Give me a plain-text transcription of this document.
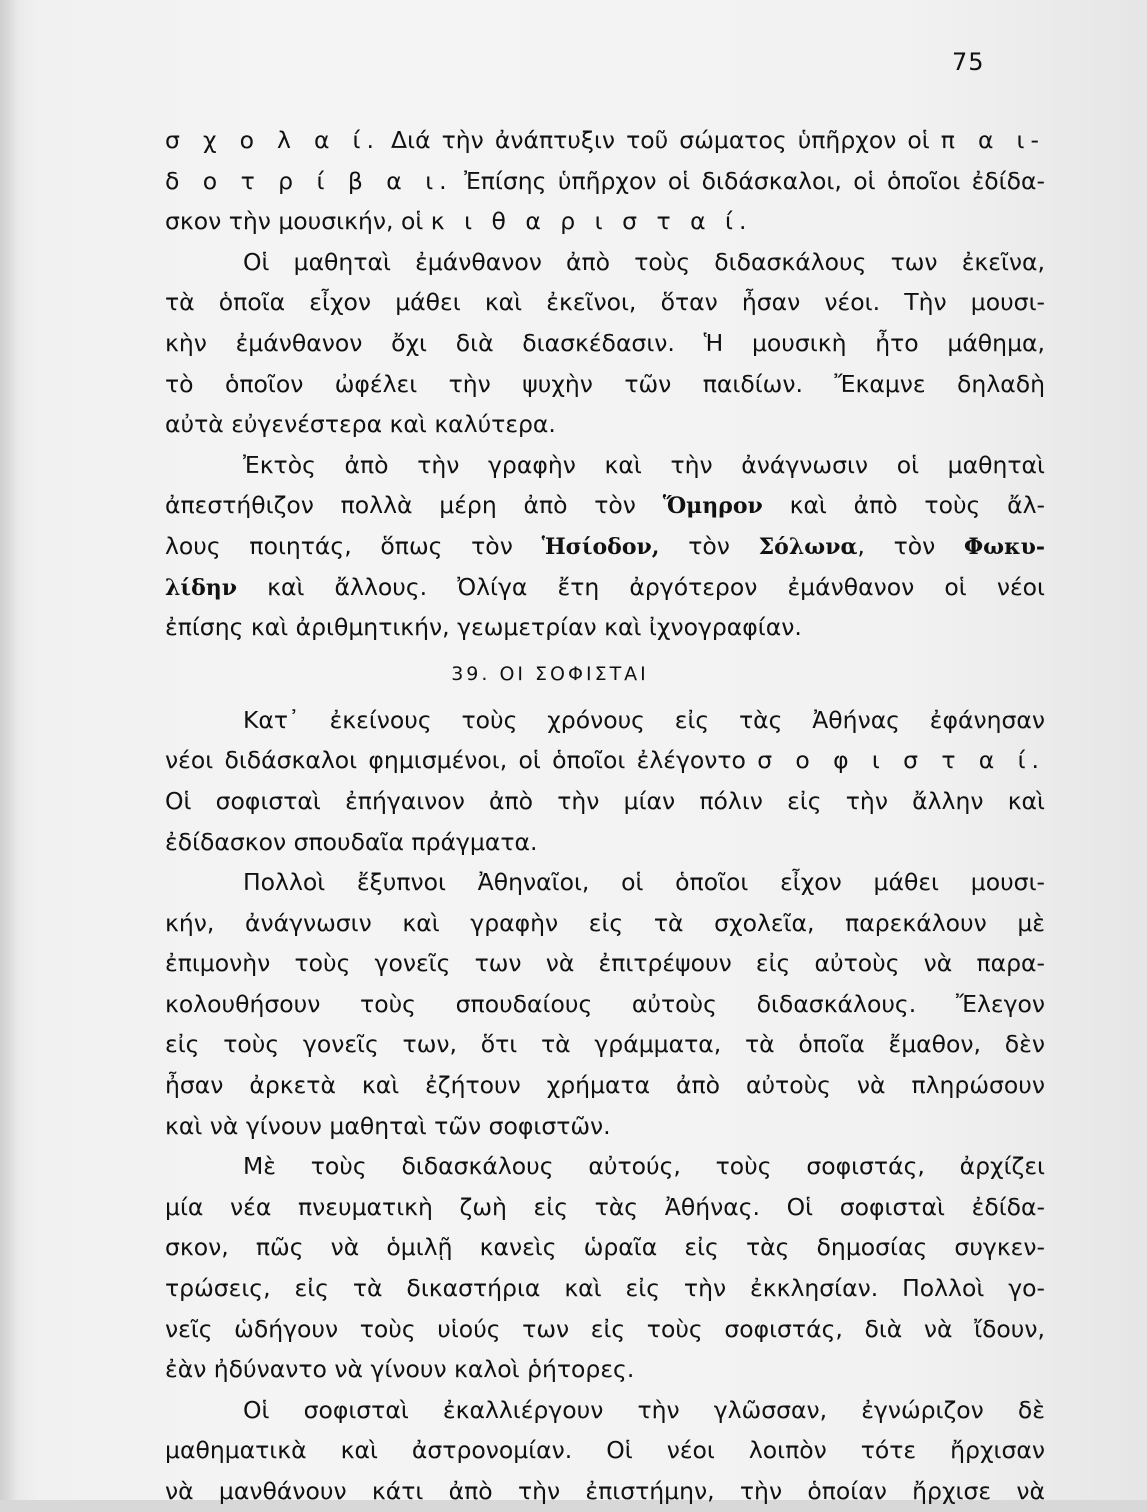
75
σ χ ο λ α ί. Διά τὴν ἀνάπτυξιν τοῦ σώματος ὑπῆρχον οἱ π α ι-
δ ο τ ρ ί β α ι. Ἐπίσης ὑπῆρχον οἱ διδάσκαλοι, οἱ ὁποῖοι ἐδίδα-
σκον τὴν μουσικήν, οἱ κ ι θ α ρ ι σ τ α ί.
Οἱ μαθηταὶ ἐμάνθανον ἀπὸ τοὺς διδασκάλους των ἐκεῖνα,
τὰ ὁποῖα εἶχον μάθει καὶ ἐκεῖνοι, ὅταν ἦσαν νέοι. Τὴν μουσι-
κὴν ἐμάνθανον ὄχι διὰ διασκέδασιν. Ἡ μουσικὴ ἦτο μάθημα,
τὸ ὁποῖον ὠφέλει τὴν ψυχὴν τῶν παιδίων. Ἔκαμνε δηλαδὴ
αὐτὰ εὐγενέστερα καὶ καλύτερα.
Ἐκτὸς ἀπὸ τὴν γραφὴν καὶ τὴν ἀνάγνωσιν οἱ μαθηταὶ
ἀπεστήθιζον πολλὰ μέρη ἀπὸ τὸν Ὅμηρον καὶ ἀπὸ τοὺς ἄλ-
λους ποιητάς, ὅπως τὸν Ἡσίοδον, τὸν Σόλωνα, τὸν Φωκυ-
λίδην καὶ ἄλλους. Ὀλίγα ἔτη ἀργότερον ἐμάνθανον οἱ νέοι
ἐπίσης καὶ ἀριθμητικήν, γεωμετρίαν καὶ ἰχνογραφίαν.
39. ΟΙ ΣΟΦΙΣΤΑΙ
Κατ᾽ ἐκείνους τοὺς χρόνους εἰς τὰς Ἀθήνας ἐφάνησαν
νέοι διδάσκαλοι φημισμένοι, οἱ ὁποῖοι ἐλέγοντο σ ο φ ι σ τ α ί.
Οἱ σοφισταὶ ἐπήγαινον ἀπὸ τὴν μίαν πόλιν εἰς τὴν ἄλλην καὶ
ἐδίδασκον σπουδαῖα πράγματα.
Πολλοὶ ἔξυπνοι Ἀθηναῖοι, οἱ ὁποῖοι εἶχον μάθει μουσι-
κήν, ἀνάγνωσιν καὶ γραφὴν εἰς τὰ σχολεῖα, παρεκάλουν μὲ
ἐπιμονὴν τοὺς γονεῖς των νὰ ἐπιτρέψουν εἰς αὐτοὺς νὰ παρα-
κολουθήσουν τοὺς σπουδαίους αὐτοὺς διδασκάλους. Ἔλεγον
εἰς τοὺς γονεῖς των, ὅτι τὰ γράμματα, τὰ ὁποῖα ἔμαθον, δὲν
ἦσαν ἀρκετὰ καὶ ἐζήτουν χρήματα ἀπὸ αὐτοὺς νὰ πληρώσουν
καὶ νὰ γίνουν μαθηταὶ τῶν σοφιστῶν.
Μὲ τοὺς διδασκάλους αὐτούς, τοὺς σοφιστάς, ἀρχίζει
μία νέα πνευματικὴ ζωὴ εἰς τὰς Ἀθήνας. Οἱ σοφισταὶ ἐδίδα-
σκον, πῶς νὰ ὁμιλῇ κανεὶς ὡραῖα εἰς τὰς δημοσίας συγκεν-
τρώσεις, εἰς τὰ δικαστήρια καὶ εἰς τὴν ἐκκλησίαν. Πολλοὶ γο-
νεῖς ὡδήγουν τοὺς υἱούς των εἰς τοὺς σοφιστάς, διὰ νὰ ἴδουν,
ἐὰν ἠδύναντο νὰ γίνουν καλοὶ ῥήτορες.
Οἱ σοφισταὶ ἐκαλλιέργουν τὴν γλῶσσαν, ἐγνώριζον δὲ
μαθηματικὰ καὶ ἀστρονομίαν. Οἱ νέοι λοιπὸν τότε ἤρχισαν
νὰ μανθάνουν κάτι ἀπὸ τὴν ἐπιστήμην, τὴν ὁποίαν ἤρχισε νὰ
